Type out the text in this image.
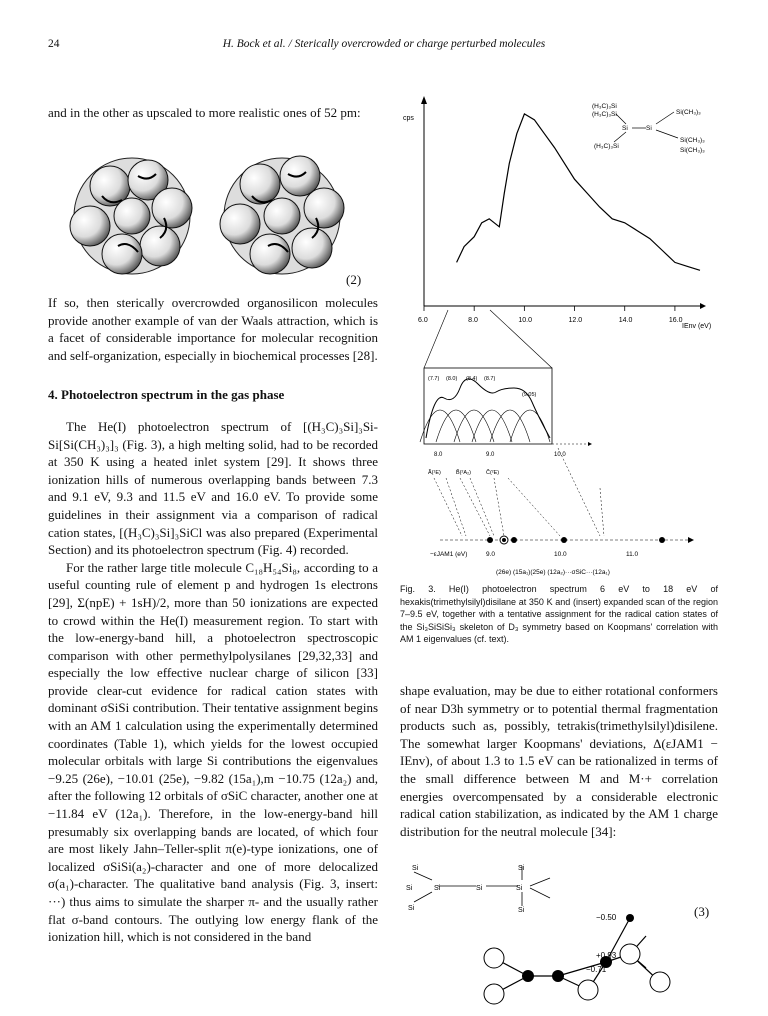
24	H. Bock et al. / Sterically overcrowded or charge perturbed molecules

and in the other as upscaled to more realistic ones of 52 pm:

(2)

If so, then sterically overcrowded organosilicon molecules provide another example of van der Waals attraction, which is a facet of considerable importance for molecular recognition and self-organization, especially in biochemical processes [28].

4. Photoelectron spectrum in the gas phase

The He(I) photoelectron spectrum of [(H₃C)₃Si]₃Si-Si[Si(CH₃)₃]₃ (Fig. 3), a high melting solid, had to be recorded at 350 K using a heated inlet system [29]. It shows three ionization hills of numerous overlapping bands between 7.3 and 9.1 eV, 9.3 and 11.5 eV and 16.0 eV. To provide some guidelines in their assignment via a comparison of radical cation states, [(H₃C)₃Si]₃SiCl was also prepared (Experimental Section) and its photoelectron spectrum (Fig. 4) recorded.

For the rather large title molecule C₁₈H₅₄Si₈, according to a useful counting rule of element p and hydrogen 1s electrons [29], Σ(npE) + 1sH)/2, more than 50 ionizations are expected to crowd within the He(I) measurement region. To start with the low-energy-band hill, a photoelectron spectroscopic comparison with other permethylpolysilanes [29,32,33] and especially the low effective nuclear charge of silicon [33] provide clear-cut evidence for radical cation states with dominant σSiSi contribution. Their tentative assignment begins with an AM 1 calculation using the experimentally determined coordinates (Table 1), which yields for the lowest occupied molecular orbitals with large Si contributions the eigenvalues −9.25 (26e), −10.01 (25e), −9.82 (15a₁),m −10.75 (12a₂) and, after the following 12 orbitals of σSiC character, another one at −11.84 eV (12a₁). Therefore, in the low-energy-band hill presumably six overlapping bands are located, of which four are most likely Jahn–Teller-split π(e)-type ionizations, one of localized σSiSi(a₂)-character and one of more delocalized σ(a₁)-character. The qualitative band analysis (Fig. 3, insert: ···) thus aims to simulate the sharper π- and the usually rather flat σ-band contours. The outlying low energy flank of the ionization hill, which is not considered in the band

cps
6.0	8.0	10.0	12.0	14.0	16.0
IEnv (eV)
(H₃C)₃Si
(H₃C)₃Si
Si	Si
Si(CH₃)₃
Si(CH₃)₃
Si(CH₃)₃
(H₃C)₃Si
(7.7) (8.0) (8.4) (8.7)
(9.05)
8.0	9.0	10.0
Ã(¹E)	B̃(²A₂)	C̃(²E)
−εJAM1 (eV)	9.0	10.0	11.0
(26e) (15a₁)(25e) (12a₂)···σSiC···(12a₁)
Fig. 3. He(I) photoelectron spectrum 6 eV to 18 eV of hexakis(trimethylsilyl)disilane at 350 K and (insert) expanded scan of the region 7–9.5 eV, together with a tentative assignment for the radical cation states of the Si₃SiSiSi₃ skeleton of D₃ symmetry based on Koopmans' correlation with AM 1 eigenvalues (cf. text).

shape evaluation, may be due to either rotational conformers of near D3h symmetry or to potential thermal fragmentation products such as, possibly, tetrakis(trimethylsilyl)disilene. The somewhat larger Koopmans' deviations, Δ(εJAM1 − IEnv), of about 1.3 to 1.5 eV can be rationalized in terms of the small difference between M and M·+ correlation energies overcompensated by a considerable electronic radical cation stabilization, as indicated by the AM 1 charge distribution for the neutral molecule [34]:

Si
Si
Si
Si	Si	Si
Si
Si
−0.50
+0.93
−0.71
(3)
